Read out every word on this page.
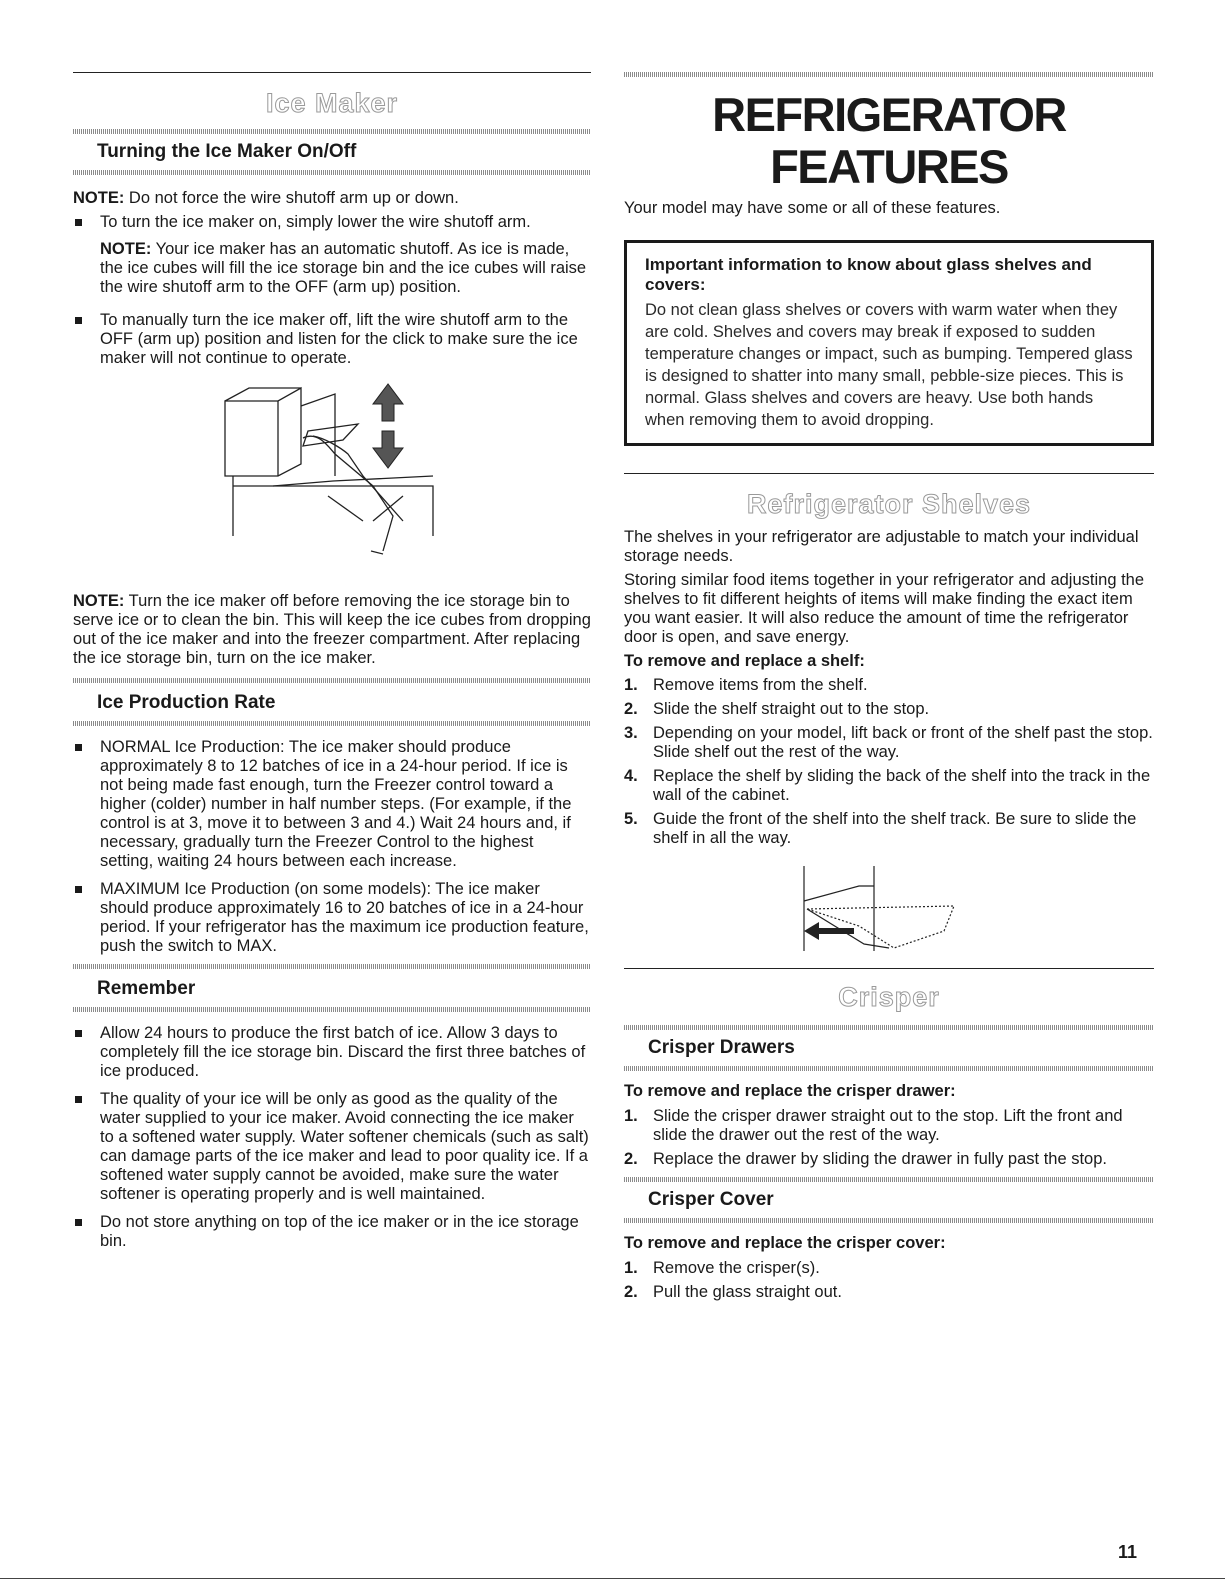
Ice Maker
Turning the Ice Maker On/Off

NOTE: Do not force the wire shutoff arm up or down.

To turn the ice maker on, simply lower the wire shutoff arm.
NOTE: Your ice maker has an automatic shutoff. As ice is made, the ice cubes will fill the ice storage bin and the ice cubes will raise the wire shutoff arm to the OFF (arm up) position.
To manually turn the ice maker off, lift the wire shutoff arm to the OFF (arm up) position and listen for the click to make sure the ice maker will not continue to operate.

NOTE: Turn the ice maker off before removing the ice storage bin to serve ice or to clean the bin. This will keep the ice cubes from dropping out of the ice maker and into the freezer compartment. After replacing the ice storage bin, turn on the ice maker.

Ice Production Rate
NORMAL Ice Production: The ice maker should produce approximately 8 to 12 batches of ice in a 24-hour period. If ice is not being made fast enough, turn the Freezer control toward a higher (colder) number in half number steps. (For example, if the control is at 3, move it to between 3 and 4.) Wait 24 hours and, if necessary, gradually turn the Freezer Control to the highest setting, waiting 24 hours between each increase.
MAXIMUM Ice Production (on some models): The ice maker should produce approximately 16 to 20 batches of ice in a 24-hour period. If your refrigerator has the maximum ice production feature, push the switch to MAX.
Remember
Allow 24 hours to produce the first batch of ice. Allow 3 days to completely fill the ice storage bin. Discard the first three batches of ice produced.
The quality of your ice will be only as good as the quality of the water supplied to your ice maker. Avoid connecting the ice maker to a softened water supply. Water softener chemicals (such as salt) can damage parts of the ice maker and lead to poor quality ice. If a softened water supply cannot be avoided, make sure the water softener is operating properly and is well maintained.
Do not store anything on top of the ice maker or in the ice storage bin.
REFRIGERATOR FEATURES

Your model may have some or all of these features.

Important information to know about glass shelves and covers:

Do not clean glass shelves or covers with warm water when they are cold. Shelves and covers may break if exposed to sudden temperature changes or impact, such as bumping. Tempered glass is designed to shatter into many small, pebble-size pieces. This is normal. Glass shelves and covers are heavy. Use both hands when removing them to avoid dropping.

Refrigerator Shelves

The shelves in your refrigerator are adjustable to match your individual storage needs.

Storing similar food items together in your refrigerator and adjusting the shelves to fit different heights of items will make finding the exact item you want easier. It will also reduce the amount of time the refrigerator door is open, and save energy.

To remove and replace a shelf:

1. Remove items from the shelf.
2. Slide the shelf straight out to the stop.
3. Depending on your model, lift back or front of the shelf past the stop. Slide shelf out the rest of the way.
4. Replace the shelf by sliding the back of the shelf into the track in the wall of the cabinet.
5. Guide the front of the shelf into the shelf track. Be sure to slide the shelf in all the way.
Crisper
Crisper Drawers

To remove and replace the crisper drawer:

1. Slide the crisper drawer straight out to the stop. Lift the front and slide the drawer out the rest of the way.
2. Replace the drawer by sliding the drawer in fully past the stop.
Crisper Cover

To remove and replace the crisper cover:

1. Remove the crisper(s).
2. Pull the glass straight out.
11
